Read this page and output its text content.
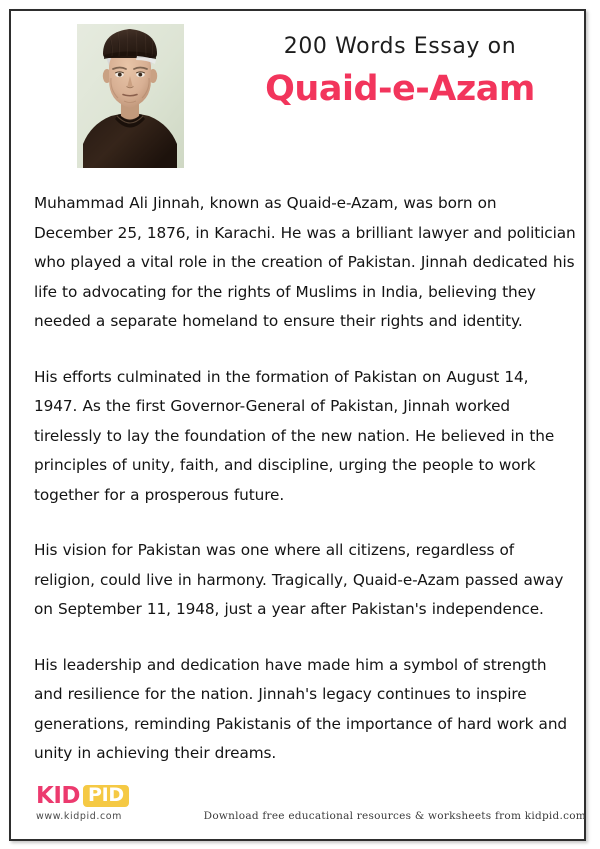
200 Words Essay on
Quaid-e-Azam

Muhammad Ali Jinnah, known as Quaid-e-Azam, was born on December 25, 1876, in Karachi. He was a brilliant lawyer and politician who played a vital role in the creation of Pakistan. Jinnah dedicated his life to advocating for the rights of Muslims in India, believing they needed a separate homeland to ensure their rights and identity.

His efforts culminated in the formation of Pakistan on August 14, 1947. As the first Governor-General of Pakistan, Jinnah worked tirelessly to lay the foundation of the new nation. He believed in the principles of unity, faith, and discipline, urging the people to work together for a prosperous future.

His vision for Pakistan was one where all citizens, regardless of religion, could live in harmony. Tragically, Quaid-e-Azam passed away on September 11, 1948, just a year after Pakistan's independence.

His leadership and dedication have made him a symbol of strength and resilience for the nation. Jinnah's legacy continues to inspire generations, reminding Pakistanis of the importance of hard work and unity in achieving their dreams.

KID PID
www.kidpid.com	Download free educational resources & worksheets from kidpid.com
